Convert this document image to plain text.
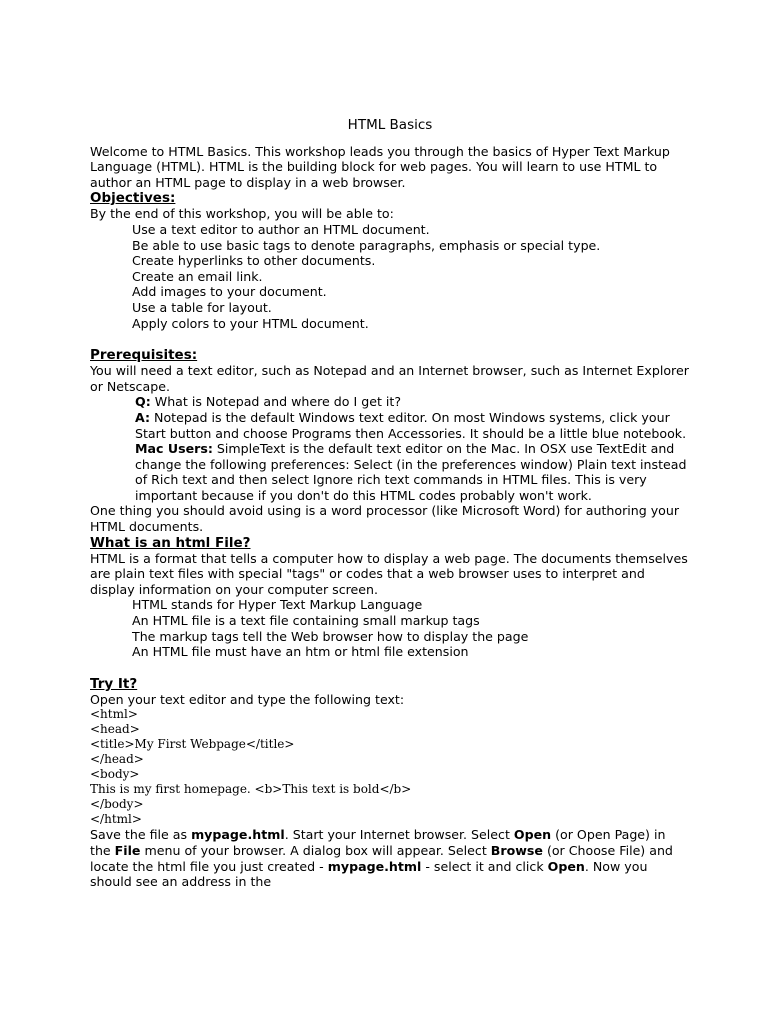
HTML Basics

Welcome to HTML Basics. This workshop leads you through the basics of Hyper Text Markup Language (HTML). HTML is the building block for web pages. You will learn to use HTML to author an HTML page to display in a web browser.

Objectives:

By the end of this workshop, you will be able to:

Use a text editor to author an HTML document.
Be able to use basic tags to denote paragraphs, emphasis or special type.
Create hyperlinks to other documents.
Create an email link.
Add images to your document.
Use a table for layout.
Apply colors to your HTML document.
Prerequisites:

You will need a text editor, such as Notepad and an Internet browser, such as Internet Explorer or Netscape.

Q: What is Notepad and where do I get it?

A: Notepad is the default Windows text editor. On most Windows systems, click your Start button and choose Programs then Accessories. It should be a little blue notebook.

Mac Users: SimpleText is the default text editor on the Mac. In OSX use TextEdit and change the following preferences: Select (in the preferences window) Plain text instead of Rich text and then select Ignore rich text commands in HTML files. This is very important because if you don't do this HTML codes probably won't work.

One thing you should avoid using is a word processor (like Microsoft Word) for authoring your HTML documents.

What is an html File?

HTML is a format that tells a computer how to display a web page. The documents themselves are plain text files with special "tags" or codes that a web browser uses to interpret and display information on your computer screen.

HTML stands for Hyper Text Markup Language
An HTML file is a text file containing small markup tags
The markup tags tell the Web browser how to display the page
An HTML file must have an htm or html file extension
Try It?

Open your text editor and type the following text:

<html>

<head>

<title>My First Webpage</title>

</head>

<body>

This is my first homepage. <b>This text is bold</b>

</body>

</html>

Save the file as mypage.html. Start your Internet browser. Select Open (or Open Page) in the File menu of your browser. A dialog box will appear. Select Browse (or Choose File) and locate the html file you just created - mypage.html - select it and click Open. Now you should see an address in the
